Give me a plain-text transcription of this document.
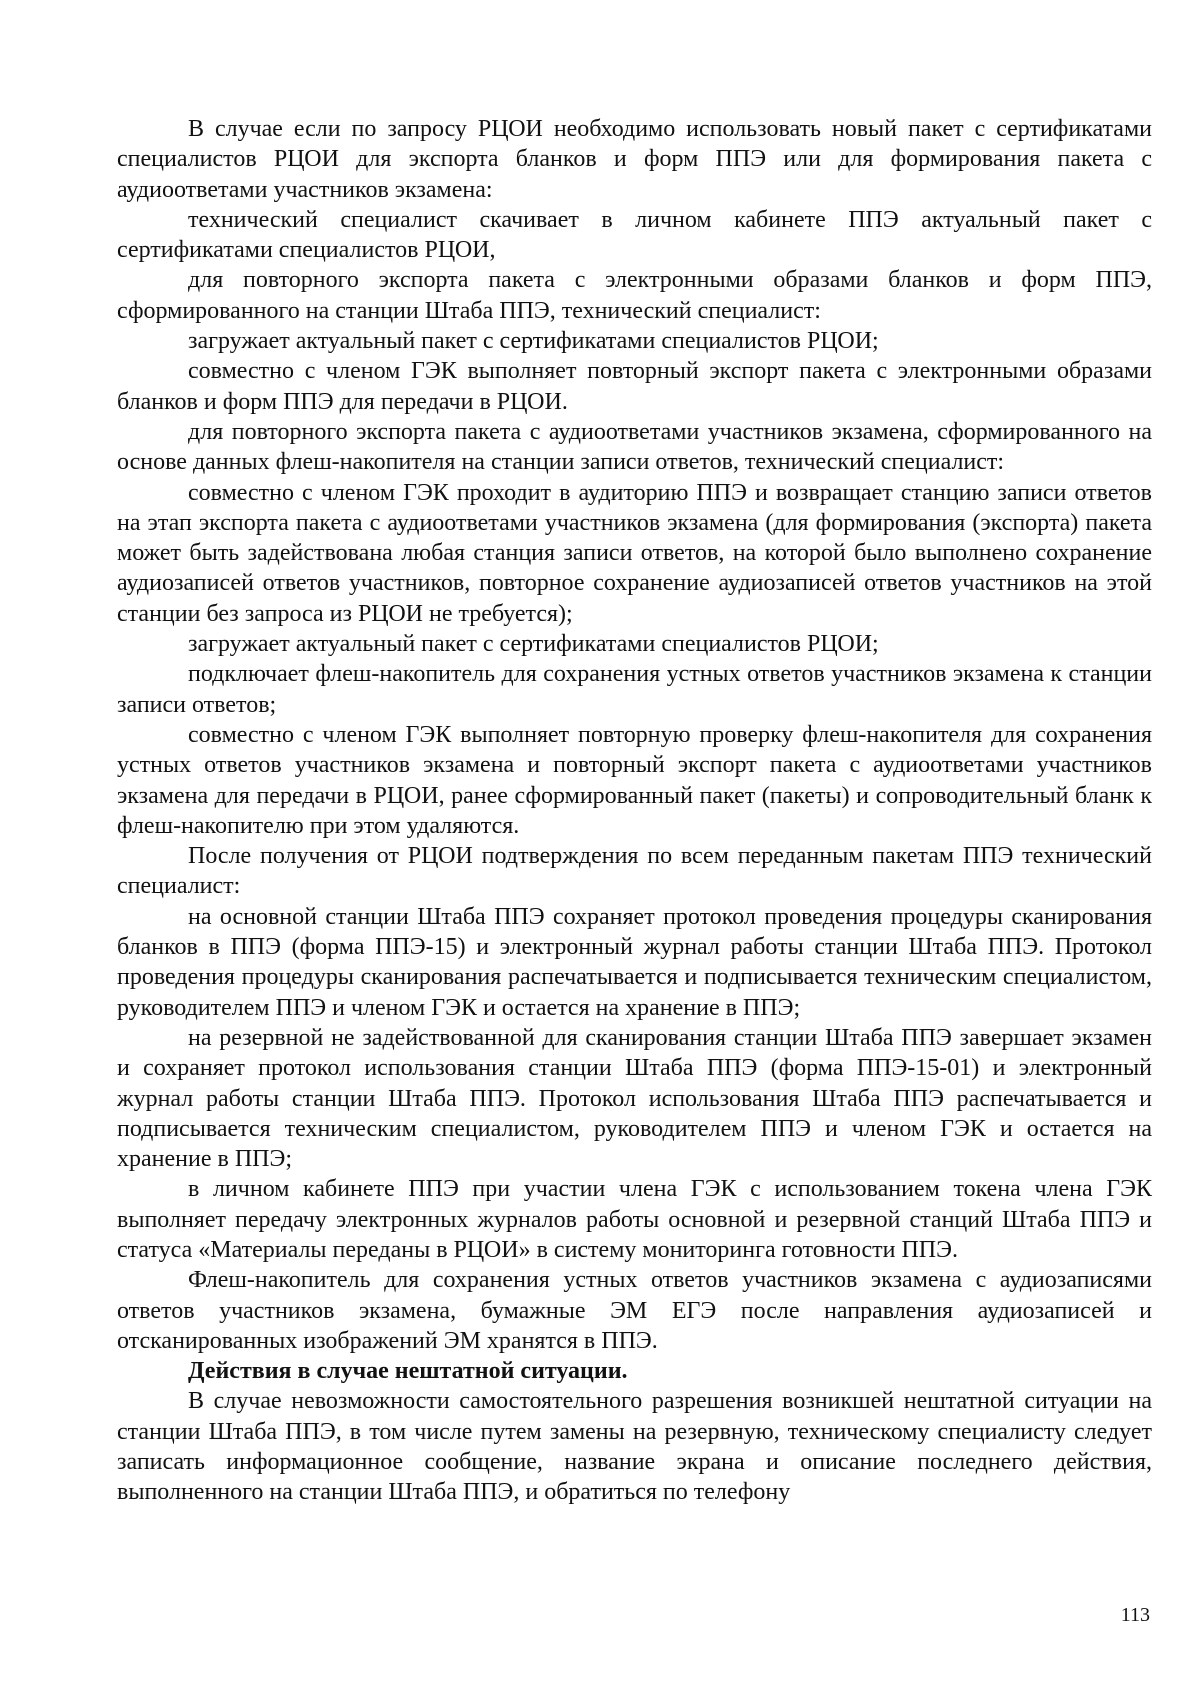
В случае если по запросу РЦОИ необходимо использовать новый пакет с сертификатами специалистов РЦОИ для экспорта бланков и форм ППЭ или для формирования пакета с аудиоответами участников экзамена:

технический специалист скачивает в личном кабинете ППЭ актуальный пакет с сертификатами специалистов РЦОИ,

для повторного экспорта пакета с электронными образами бланков и форм ППЭ, сформированного на станции Штаба ППЭ, технический специалист:

загружает актуальный пакет с сертификатами специалистов РЦОИ;

совместно с членом ГЭК выполняет повторный экспорт пакета с электронными образами бланков и форм ППЭ для передачи в РЦОИ.

для повторного экспорта пакета с аудиоответами участников экзамена, сформированного на основе данных флеш-накопителя на станции записи ответов, технический специалист:

совместно с членом ГЭК проходит в аудиторию ППЭ и возвращает станцию записи ответов на этап экспорта пакета с аудиоответами участников экзамена (для формирования (экспорта) пакета может быть задействована любая станция записи ответов, на которой было выполнено сохранение аудиозаписей ответов участников, повторное сохранение аудиозаписей ответов участников на этой станции без запроса из РЦОИ не требуется);

загружает актуальный пакет с сертификатами специалистов РЦОИ;

подключает флеш-накопитель для сохранения устных ответов участников экзамена к станции записи ответов;

совместно с членом ГЭК выполняет повторную проверку флеш-накопителя для сохранения устных ответов участников экзамена и повторный экспорт пакета с аудиоответами участников экзамена для передачи в РЦОИ, ранее сформированный пакет (пакеты) и сопроводительный бланк к флеш-накопителю при этом удаляются.

После получения от РЦОИ подтверждения по всем переданным пакетам ППЭ технический специалист:

на основной станции Штаба ППЭ сохраняет протокол проведения процедуры сканирования бланков в ППЭ (форма ППЭ-15) и электронный журнал работы станции Штаба ППЭ. Протокол проведения процедуры сканирования распечатывается и подписывается техническим специалистом, руководителем ППЭ и членом ГЭК и остается на хранение в ППЭ;

на резервной не задействованной для сканирования станции Штаба ППЭ завершает экзамен и сохраняет протокол использования станции Штаба ППЭ (форма ППЭ-15-01) и электронный журнал работы станции Штаба ППЭ. Протокол использования Штаба ППЭ распечатывается и подписывается техническим специалистом, руководителем ППЭ и членом ГЭК и остается на хранение в ППЭ;

в личном кабинете ППЭ при участии члена ГЭК с использованием токена члена ГЭК выполняет передачу электронных журналов работы основной и резервной станций Штаба ППЭ и статуса «Материалы переданы в РЦОИ» в систему мониторинга готовности ППЭ.

Флеш-накопитель для сохранения устных ответов участников экзамена с аудиозаписями ответов участников экзамена, бумажные ЭМ ЕГЭ после направления аудиозаписей и отсканированных изображений ЭМ хранятся в ППЭ.

Действия в случае нештатной ситуации.

В случае невозможности самостоятельного разрешения возникшей нештатной ситуации на станции Штаба ППЭ, в том числе путем замены на резервную, техническому специалисту следует записать информационное сообщение, название экрана и описание последнего действия, выполненного на станции Штаба ППЭ, и обратиться по телефону

113
